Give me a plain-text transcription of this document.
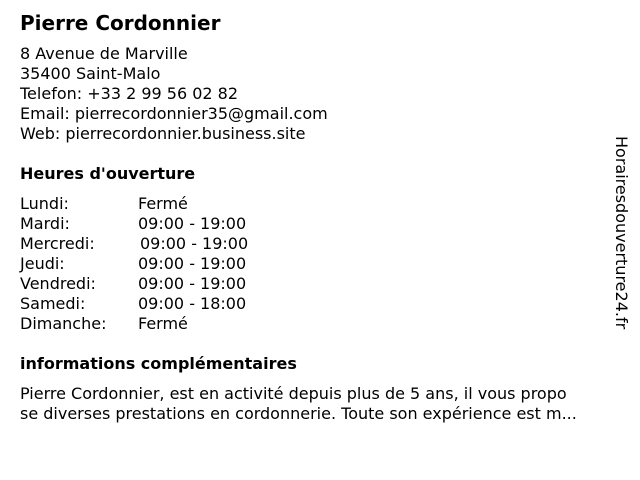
Pierre Cordonnier
8 Avenue de Marville
35400 Saint-Malo
Telefon: +33 2 99 56 02 82
Email: pierrecordonnier35@gmail.com
Web: pierrecordonnier.business.site
Heures d'ouverture
Lundi:	Fermé
Mardi:	09:00 - 19:00
Mercredi:	09:00 - 19:00
Jeudi:	09:00 - 19:00
Vendredi:	09:00 - 19:00
Samedi:	09:00 - 18:00
Dimanche: Fermé
informations complémentaires
Pierre Cordonnier, est en activité depuis plus de 5 ans, il vous propo
se diverses prestations en cordonnerie. Toute son expérience est m...
Horairesdouverture24.fr
